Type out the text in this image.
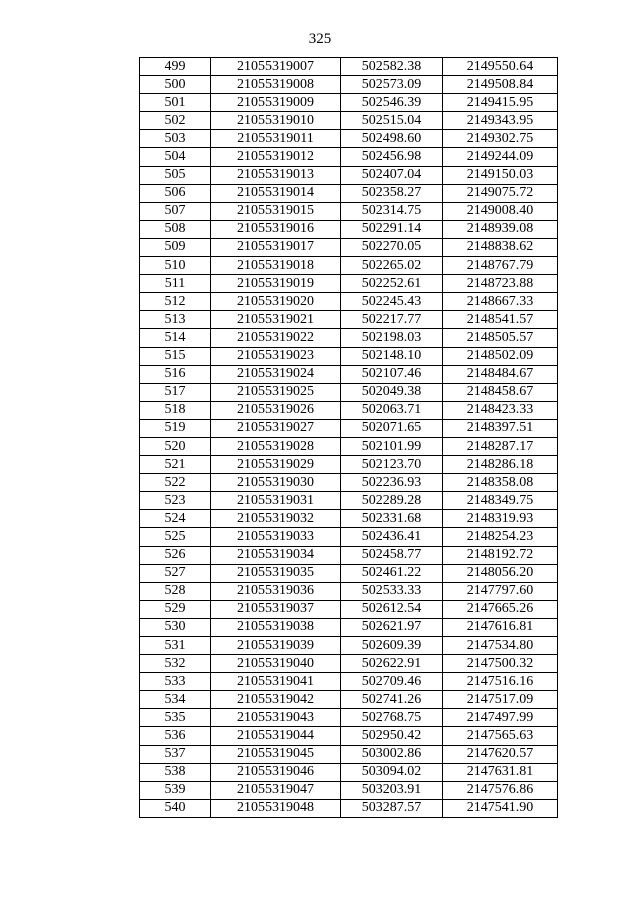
325
499	21055319007	502582.38	2149550.64
500	21055319008	502573.09	2149508.84
501	21055319009	502546.39	2149415.95
502	21055319010	502515.04	2149343.95
503	21055319011	502498.60	2149302.75
504	21055319012	502456.98	2149244.09
505	21055319013	502407.04	2149150.03
506	21055319014	502358.27	2149075.72
507	21055319015	502314.75	2149008.40
508	21055319016	502291.14	2148939.08
509	21055319017	502270.05	2148838.62
510	21055319018	502265.02	2148767.79
511	21055319019	502252.61	2148723.88
512	21055319020	502245.43	2148667.33
513	21055319021	502217.77	2148541.57
514	21055319022	502198.03	2148505.57
515	21055319023	502148.10	2148502.09
516	21055319024	502107.46	2148484.67
517	21055319025	502049.38	2148458.67
518	21055319026	502063.71	2148423.33
519	21055319027	502071.65	2148397.51
520	21055319028	502101.99	2148287.17
521	21055319029	502123.70	2148286.18
522	21055319030	502236.93	2148358.08
523	21055319031	502289.28	2148349.75
524	21055319032	502331.68	2148319.93
525	21055319033	502436.41	2148254.23
526	21055319034	502458.77	2148192.72
527	21055319035	502461.22	2148056.20
528	21055319036	502533.33	2147797.60
529	21055319037	502612.54	2147665.26
530	21055319038	502621.97	2147616.81
531	21055319039	502609.39	2147534.80
532	21055319040	502622.91	2147500.32
533	21055319041	502709.46	2147516.16
534	21055319042	502741.26	2147517.09
535	21055319043	502768.75	2147497.99
536	21055319044	502950.42	2147565.63
537	21055319045	503002.86	2147620.57
538	21055319046	503094.02	2147631.81
539	21055319047	503203.91	2147576.86
540	21055319048	503287.57	2147541.90
